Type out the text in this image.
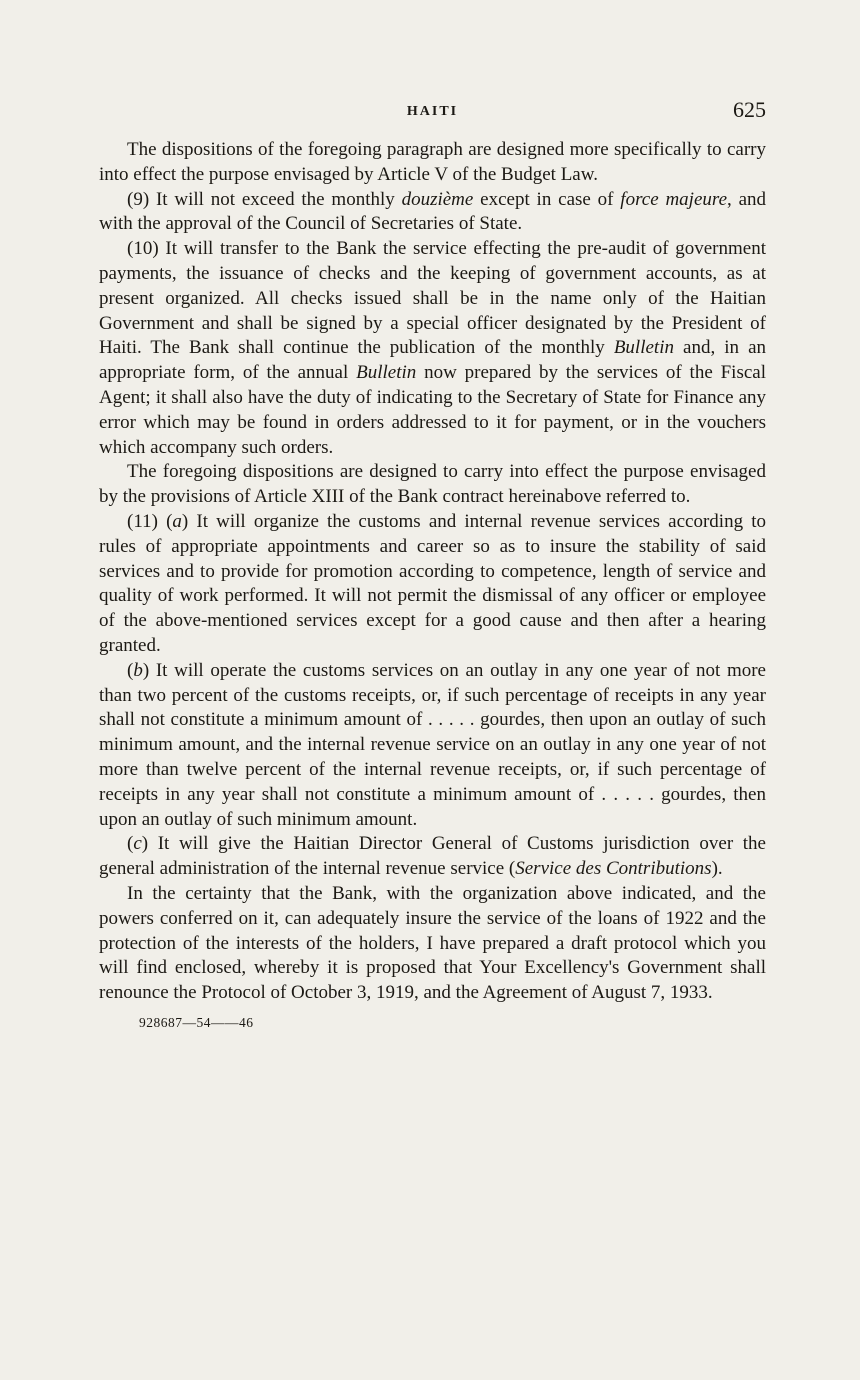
HAITI	625

The dispositions of the foregoing paragraph are designed more specifically to carry into effect the purpose envisaged by Article V of the Budget Law.

(9) It will not exceed the monthly douzième except in case of force majeure, and with the approval of the Council of Secretaries of State.

(10) It will transfer to the Bank the service effecting the pre-audit of government payments, the issuance of checks and the keeping of government accounts, as at present organized. All checks issued shall be in the name only of the Haitian Government and shall be signed by a special officer designated by the President of Haiti. The Bank shall continue the publication of the monthly Bulletin and, in an appropriate form, of the annual Bulletin now prepared by the services of the Fiscal Agent; it shall also have the duty of indicating to the Secretary of State for Finance any error which may be found in orders addressed to it for payment, or in the vouchers which accompany such orders.

The foregoing dispositions are designed to carry into effect the purpose envisaged by the provisions of Article XIII of the Bank contract hereinabove referred to.

(11) (a) It will organize the customs and internal revenue services according to rules of appropriate appointments and career so as to insure the stability of said services and to provide for promotion according to competence, length of service and quality of work performed. It will not permit the dismissal of any officer or employee of the above-mentioned services except for a good cause and then after a hearing granted.

(b) It will operate the customs services on an outlay in any one year of not more than two percent of the customs receipts, or, if such percentage of receipts in any year shall not constitute a minimum amount of . . . . . gourdes, then upon an outlay of such minimum amount, and the internal revenue service on an outlay in any one year of not more than twelve percent of the internal revenue receipts, or, if such percentage of receipts in any year shall not constitute a minimum amount of . . . . . gourdes, then upon an outlay of such minimum amount.

(c) It will give the Haitian Director General of Customs jurisdiction over the general administration of the internal revenue service (Service des Contributions).

In the certainty that the Bank, with the organization above indicated, and the powers conferred on it, can adequately insure the service of the loans of 1922 and the protection of the interests of the holders, I have prepared a draft protocol which you will find enclosed, whereby it is proposed that Your Excellency's Government shall renounce the Protocol of October 3, 1919, and the Agreement of August 7, 1933.

928687—54——46
